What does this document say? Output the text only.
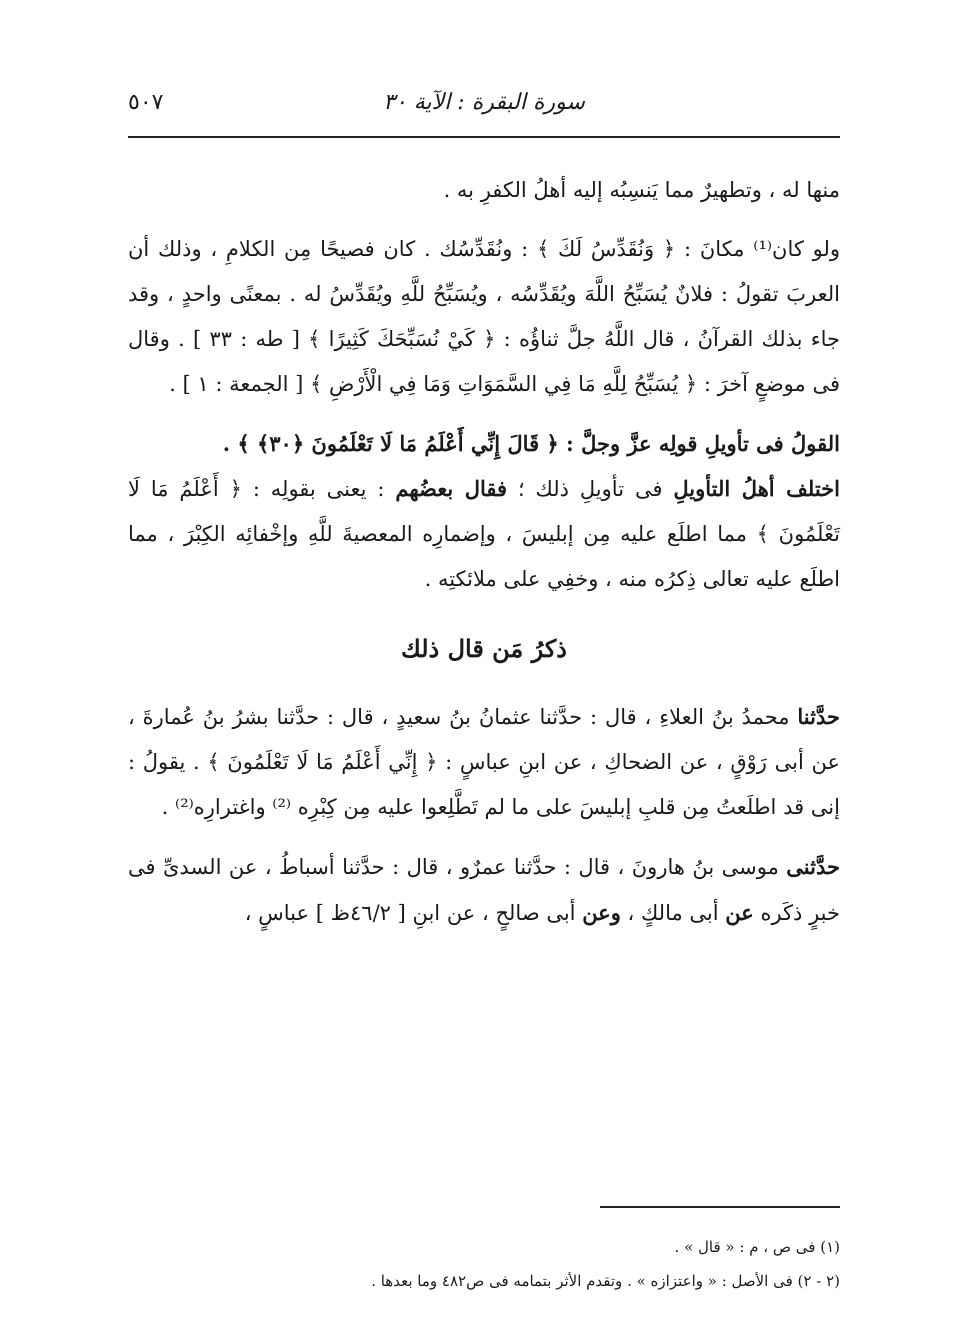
سورة البقرة : الآية ٣٠
٥٠٧

منها له ، وتطهيرٌ مما يَنسِبُه إليه أهلُ الكفرِ به .

ولو كان⁽¹⁾ مكانَ : ﴿ وَنُقَدِّسُ لَكَ ﴾ : ونُقَدِّسُك . كان فصيحًا مِن الكلامِ ، وذلك أن العربَ تقولُ : فلانٌ يُسَبِّحُ اللَّهَ ويُقَدِّسُه ، ويُسَبِّحُ للَّهِ ويُقَدِّسُ له . بمعنًى واحدٍ ، وقد جاء بذلك القرآنُ ، قال اللَّهُ جلَّ ثناؤُه : ﴿ كَيْ نُسَبِّحَكَ كَثِيرًا ﴾ [ طه : ٣٣ ] . وقال فى موضعٍ آخرَ : ﴿ يُسَبِّحُ لِلَّهِ مَا فِي السَّمَوَاتِ وَمَا فِي الْأَرْضِ ﴾ [ الجمعة : ١ ] .

القولُ فى تأويلِ قولِه عزَّ وجلَّ : ﴿ قَالَ إِنِّي أَعْلَمُ مَا لَا تَعْلَمُونَ ﴿٣٠﴾ ﴾ .

اختلف أهلُ التأويلِ فى تأويلِ ذلك ؛ فقال بعضُهم : يعنى بقولِه : ﴿ أَعْلَمُ مَا لَا تَعْلَمُونَ ﴾ مما اطلَع عليه مِن إبليسَ ، وإضمارِه المعصيةَ للَّهِ وإخْفائِه الكِبْرَ ، مما اطلَع عليه تعالى ذِكرُه منه ، وخفِي على ملائكتِه .

ذكرُ مَن قال ذلك

حدَّثنا محمدُ بنُ العلاءِ ، قال : حدَّثنا عثمانُ بنُ سعيدٍ ، قال : حدَّثنا بشرُ بنُ عُمارةَ ، عن أبى رَوْقٍ ، عن الضحاكِ ، عن ابنِ عباسٍ : ﴿ إِنِّي أَعْلَمُ مَا لَا تَعْلَمُونَ ﴾ . يقولُ : إنى قد اطلَعتُ مِن قلبِ إبليسَ على ما لم تَطَّلِعوا عليه مِن كِبْرِه ⁽²⁾ واغترارِه⁽²⁾ .

حدَّثنى موسى بنُ هارونَ ، قال : حدَّثنا عمرٌو ، قال : حدَّثنا أسباطُ ، عن السدىِّ فى خبرٍ ذكَره عن أبى مالكٍ ، وعن أبى صالحٍ ، عن ابنِ [ ٤٦/٢ظ ] عباسٍ ،

(١) فى ص ، م : « قال » .

(٢ - ٢) فى الأصل : « واعتزازه » . وتقدم الأثر بتمامه فى ص٤٨٢ وما بعدها .
